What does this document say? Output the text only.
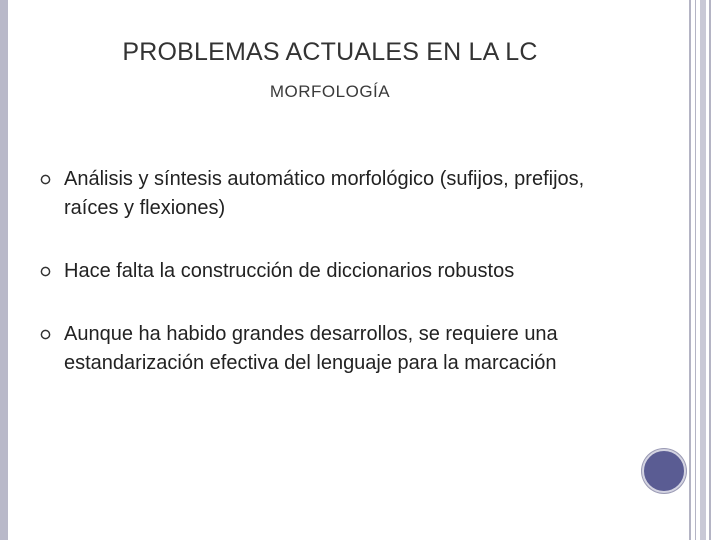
PROBLEMAS ACTUALES EN LA LC
MORFOLOGÍA
Análisis y síntesis automático morfológico (sufijos, prefijos, raíces y flexiones)
Hace falta la construcción de diccionarios robustos
Aunque ha habido grandes desarrollos, se requiere una estandarización efectiva del lenguaje para la marcación
